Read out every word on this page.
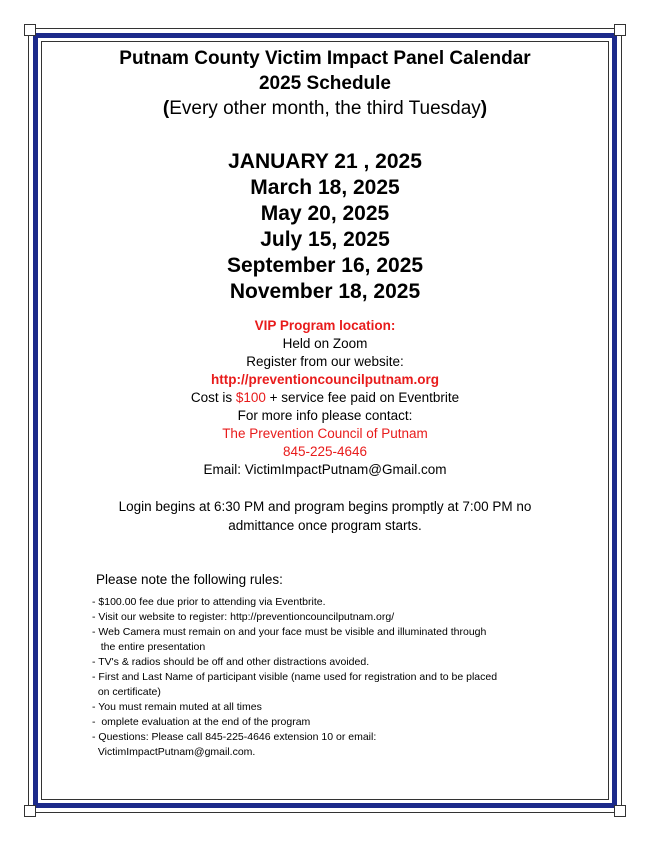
Putnam County Victim Impact Panel Calendar
2025 Schedule
(Every other month, the third Tuesday)
JANUARY 21 , 2025
March 18, 2025
May 20, 2025
July 15, 2025
September 16, 2025
November 18, 2025
VIP Program location:
Held on Zoom
Register from our website:
http://preventioncouncilputnam.org
Cost is $100 + service fee paid on Eventbrite
For more info please contact:
The Prevention Council of Putnam
845-225-4646
Email: VictimImpactPutnam@Gmail.com
Login begins at 6:30 PM and program begins promptly at 7:00 PM no
admittance once program starts.
Please note the following rules:
- $100.00 fee due prior to attending via Eventbrite.
- Visit our website to register: http://preventioncouncilputnam.org/
- Web Camera must remain on and your face must be visible and illuminated through
the entire presentation
- TV's & radios should be off and other distractions avoided.
- First and Last Name of participant visible (name used for registration and to be placed
on certificate)
- You must remain muted at all times
-  omplete evaluation at the end of the program
- Questions: Please call 845-225-4646 extension 10 or email:
VictimImpactPutnam@gmail.com.
